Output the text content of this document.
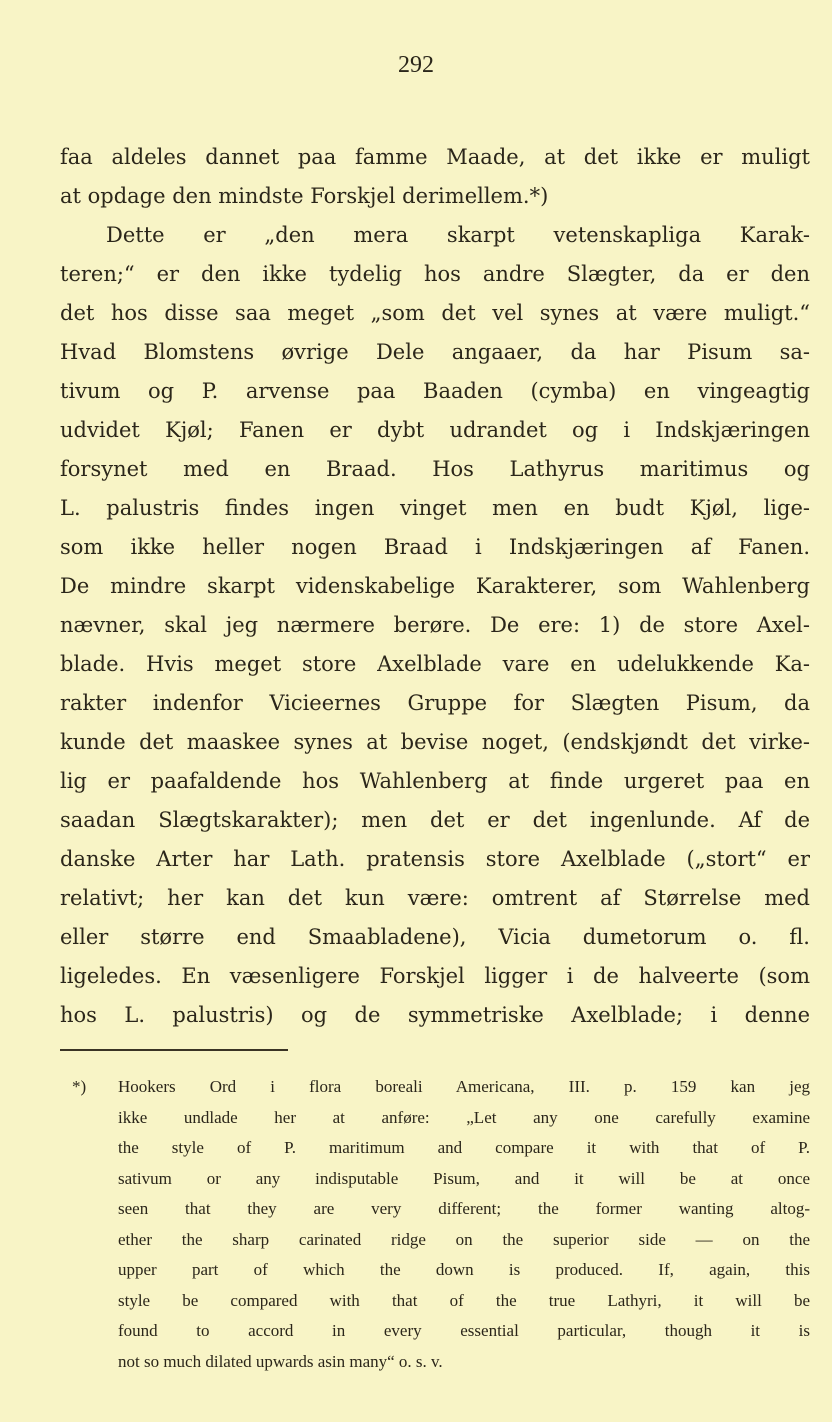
292
faa aldeles dannet paa famme Maade, at det ikke er muligt
at opdage den mindste Forskjel derimellem.*)
Dette er „den mera skarpt vetenskapliga Karak-
teren;“ er den ikke tydelig hos andre Slægter, da er den
det hos disse saa meget „som det vel synes at være muligt.“
Hvad Blomstens øvrige Dele angaaer, da har Pisum sa-
tivum og P. arvense paa Baaden (cymba) en vingeagtig
udvidet Kjøl; Fanen er dybt udrandet og i Indskjæringen
forsynet med en Braad. Hos Lathyrus maritimus og
L. palustris findes ingen vinget men en budt Kjøl, lige-
som ikke heller nogen Braad i Indskjæringen af Fanen.
De mindre skarpt videnskabelige Karakterer, som Wahlenberg
nævner, skal jeg nærmere berøre. De ere: 1) de store Axel-
blade. Hvis meget store Axelblade vare en udelukkende Ka-
rakter indenfor Vicieernes Gruppe for Slægten Pisum, da
kunde det maaskee synes at bevise noget, (endskjøndt det virke-
lig er paafaldende hos Wahlenberg at finde urgeret paa en
saadan Slægtskarakter); men det er det ingenlunde. Af de
danske Arter har Lath. pratensis store Axelblade („stort“ er
relativt; her kan det kun være: omtrent af Størrelse med
eller større end Smaabladene), Vicia dumetorum o. fl.
ligeledes. En væsenligere Forskjel ligger i de halveerte (som
hos L. palustris) og de symmetriske Axelblade; i denne
*) Hookers Ord i flora boreali Americana, III. p. 159 kan jeg
ikke undlade her at anføre: „Let any one carefully examine
the style of P. maritimum and compare it with that of P.
sativum or any indisputable Pisum, and it will be at once
seen that they are very different; the former wanting altog-
ether the sharp carinated ridge on the superior side — on the
upper part of which the down is produced. If, again, this
style be compared with that of the true Lathyri, it will be
found to accord in every essential particular, though it is
not so much dilated upwards asin many“ o. s. v.
